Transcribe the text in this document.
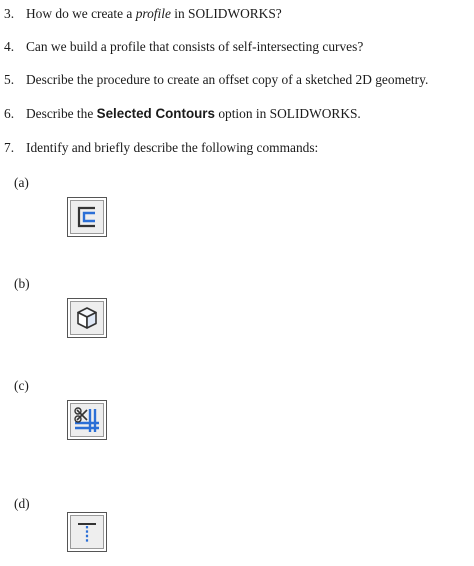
3. How do we create a profile in SOLIDWORKS?
4. Can we build a profile that consists of self-intersecting curves?
5. Describe the procedure to create an offset copy of a sketched 2D geometry.
6. Describe the Selected Contours option in SOLIDWORKS.
7. Identify and briefly describe the following commands:
(a)
(b)
(c)
(d)
